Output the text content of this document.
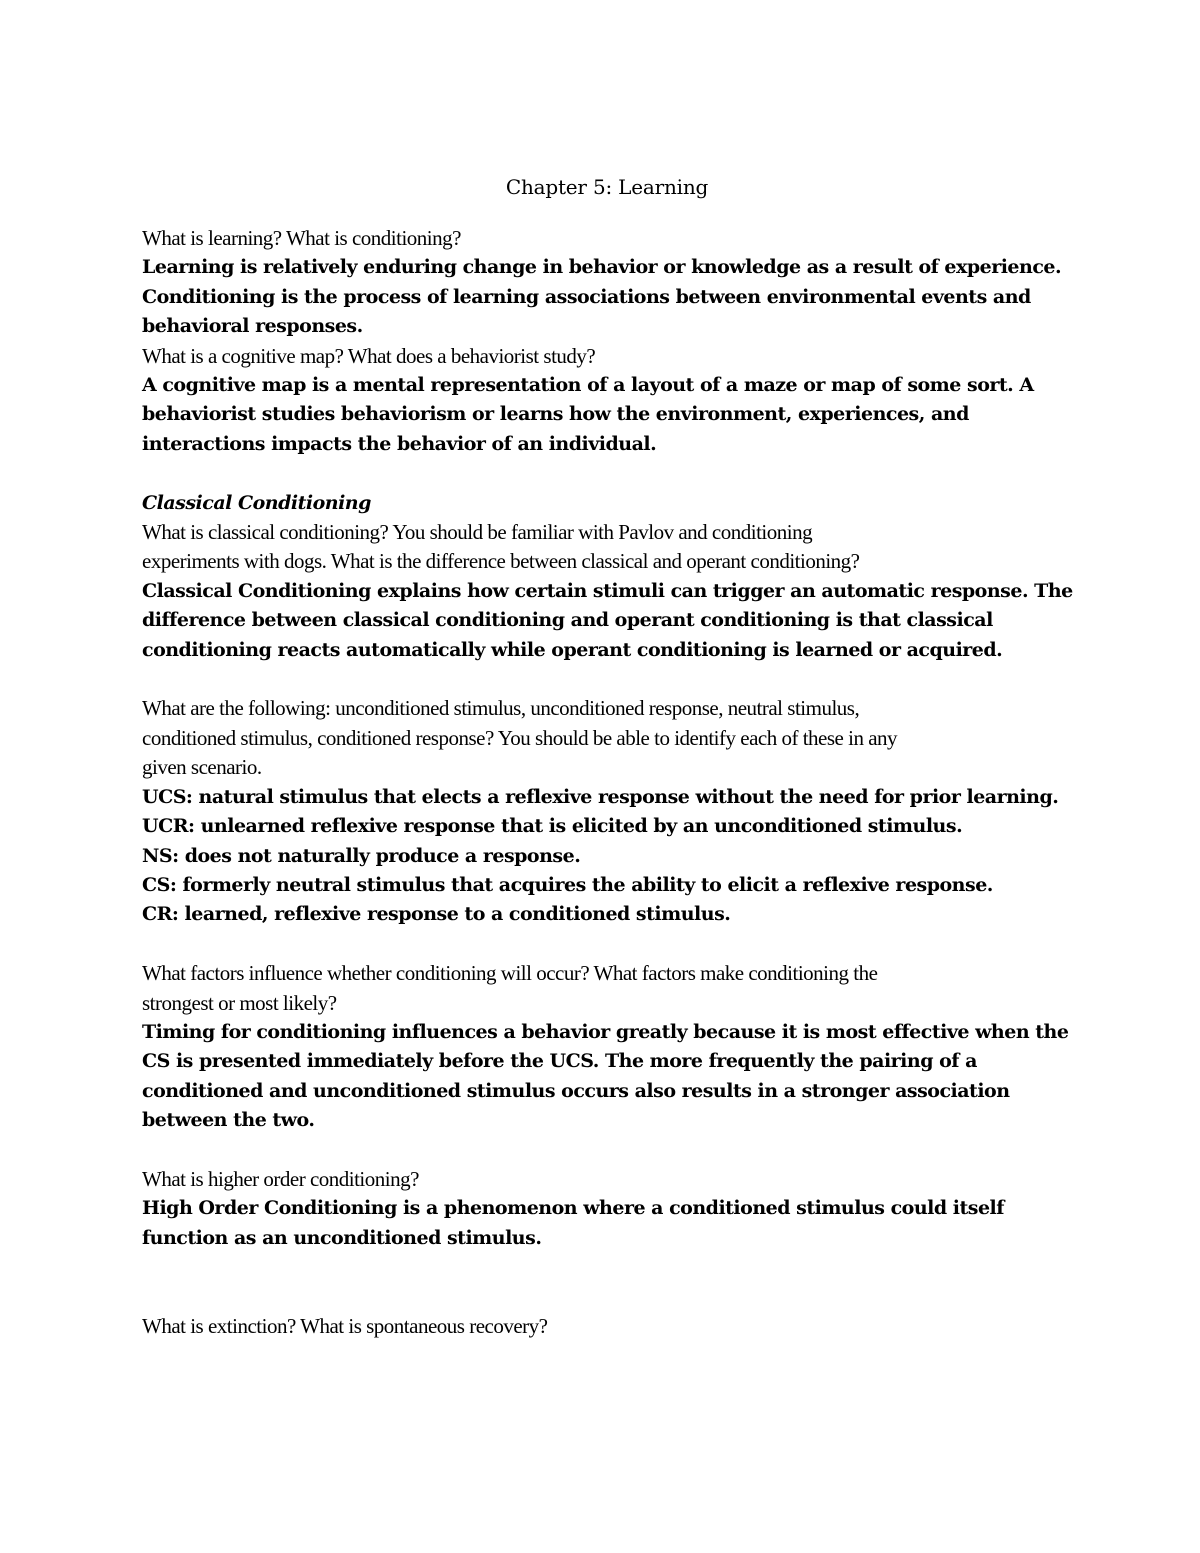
Chapter 5: Learning
What is learning? What is conditioning?
Learning is relatively enduring change in behavior or knowledge as a result of experience.
Conditioning is the process of learning associations between environmental events and
behavioral responses.
What is a cognitive map? What does a behaviorist study?
A cognitive map is a mental representation of a layout of a maze or map of some sort. A
behaviorist studies behaviorism or learns how the environment, experiences, and
interactions impacts the behavior of an individual.
Classical Conditioning
What is classical conditioning? You should be familiar with Pavlov and conditioning
experiments with dogs. What is the difference between classical and operant conditioning?
Classical Conditioning explains how certain stimuli can trigger an automatic response. The
difference between classical conditioning and operant conditioning is that classical
conditioning reacts automatically while operant conditioning is learned or acquired.
What are the following: unconditioned stimulus, unconditioned response, neutral stimulus,
conditioned stimulus, conditioned response? You should be able to identify each of these in any
given scenario.
UCS: natural stimulus that elects a reflexive response without the need for prior learning.
UCR: unlearned reflexive response that is elicited by an unconditioned stimulus.
NS: does not naturally produce a response.
CS: formerly neutral stimulus that acquires the ability to elicit a reflexive response.
CR: learned, reflexive response to a conditioned stimulus.
What factors influence whether conditioning will occur? What factors make conditioning the
strongest or most likely?
Timing for conditioning influences a behavior greatly because it is most effective when the
CS is presented immediately before the UCS. The more frequently the pairing of a
conditioned and unconditioned stimulus occurs also results in a stronger association
between the two.
What is higher order conditioning?
High Order Conditioning is a phenomenon where a conditioned stimulus could itself
function as an unconditioned stimulus.
What is extinction? What is spontaneous recovery?
